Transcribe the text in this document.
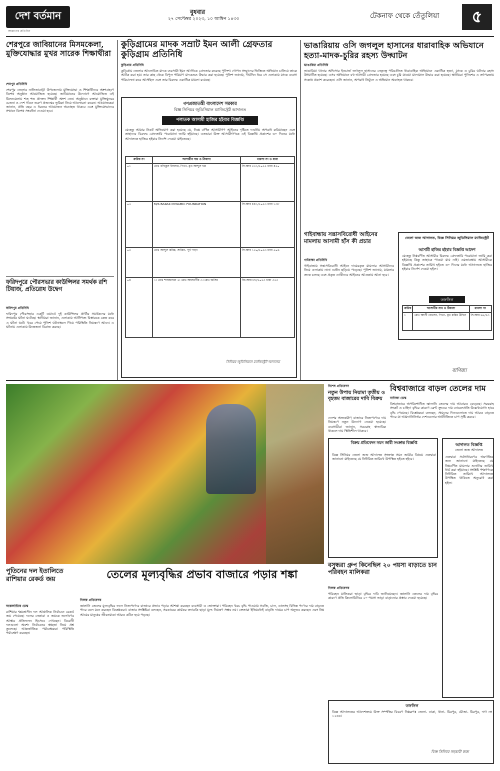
দেশ বর্তমান
আমাদের প্রতিদিন
বুধবার
২৭ সেপ্টেম্বর ২০২৩, ১০ আশ্বিন ১৪৩০	টেকনাফ থেকে তেঁতুলিয়া	৫
শেরপুরে জাবিয়ানের মিসমকেলা, মুক্তিযোদ্ধার মুখর সারেক শিক্ষাথীরা
শেরপুর প্রতিনিধি
শেরপুর জেলার নালিতাবাড়ী উপজেলায় মুক্তিযোদ্ধা ও শিক্ষার্থীদের অংশগ্রহণে বিশেষ অনুষ্ঠান আয়োজিত হয়েছে। জাবিয়ানের উদ্যোগে আয়োজিত এই মিলনমেলায় শত শত প্রাক্তন শিক্ষার্থী অংশ নেন। অনুষ্ঠানে বক্তারা মুক্তিযুদ্ধের চেতনা ও দেশ গঠনে তরুণ প্রজন্মের ভূমিকা নিয়ে আলোচনা করেন। আয়োজকরা জানান, প্রতি বছর এ ধরনের আয়োজন অব্যাহত থাকবে এবং মুক্তিযোদ্ধাদের সম্মানে বিশেষ সংবর্ধনা দেওয়া হবে।
ফরিদপুরে পৌরসভার কাউন্সিলর সমর্থক রশি টিয়াজ, প্রতিরোধ উদ্বেগ
ফরিদপুর প্রতিনিধি
ফরিদপুর পৌরসভার একটি ওয়ার্ডে দুই কাউন্সিলর প্রার্থীর সমর্থকদের মধ্যে সংঘর্ষের ঘটনা ঘটেছে। স্থানীয়রা জানান, এলাকায় আধিপত্য বিস্তারকে কেন্দ্র করে এ ঘটনা ঘটে। খবর পেয়ে পুলিশ ঘটনাস্থলে গিয়ে পরিস্থিতি নিয়ন্ত্রণে আনে। এ ঘটনায় এলাকায় উত্তেজনা বিরাজ করছে।
কুড়িগ্রামের মাদক সম্রাট ইমন আলী গ্রেফতার কুড়িগ্রাম প্রতিনিধি
কুড়িগ্রাম প্রতিনিধি
কুড়িগ্রাম জেলার আলোচিত মাদক ব্যবসায়ী ইমন আলীকে গ্রেফতার করেছে পুলিশ। গোপন সংবাদের ভিত্তিতে অভিযান চালিয়ে তাকে আটক করা হয়। তার কাছ থেকে বিপুল পরিমাণ মাদকদ্রব্য উদ্ধার করা হয়েছে। পুলিশ জানায়, দীর্ঘদিন ধরে সে এলাকায় মাদক ব্যবসা পরিচালনা করে আসছিল এবং তার বিরুদ্ধে একাধিক মামলা রয়েছে।
গণপ্রজাতন্ত্রী বাংলাদেশ সরকার
বিজ্ঞ সিনিয়র জুডিসিয়াল ম্যাজিস্ট্রেট আদালত
পলাতক আসামী হাজির হইবার বিজ্ঞপ্তি
যেহেতু আমার নিকট অভিযোগ করা হয়েছে যে, নিম্নে বর্ণিত আসামীগণ আইনের দৃষ্টিতে দণ্ডনীয় অপরাধ করিয়াছেন এবং তাহাদের বিরুদ্ধে গ্রেফতারি পরোয়ানা জারি হইয়াছে। এতদ্বারা উক্ত আসামীগণকে এই বিজ্ঞপ্তি প্রকাশের ৩০ দিনের মধ্যে আদালতে হাজির হইবার নির্দেশ দেওয়া যাইতেছে।
ক্রমিক নং	আসামীর নাম ও ঠিকানা	মামলা নং ও ধারা
০১	মোঃ রফিকুল ইসলাম, পিতা- মৃত আব্দুল হক	সি.আর ২৩১/২০২২ ধারা ৪২০
০২	M/S BARAK DYNAMIC FOUNDATION	সি.আর ৪৪১/২০২৩ ধারা ১৩৮
০৩	মোঃ আব্দুল করিম, সাকিন- পূর্ব পাড়া	সি.আর ১২০/২০২৩ ধারা ৫০৬
০৪	১। মোঃ শাহজাহান ২। মোঃ আলমগীর ৩। মোঃ জসিম	জি.আর ৮৮/২০২৩ ধারা ৩২৩
সিনিয়র জুডিসিয়াল ম্যাজিস্ট্রেট আদালত
ভাঙারিয়ায় ওসি জগলুল হাসানের ধারাবাহিক অভিযানে হত্যা-মাদক-চুরির রহস্য উদ্ঘাটন
ভাঙারিয়া প্রতিনিধি
ভাঙারিয়া থানার অফিসার ইনচার্জ জগলুল হাসানের নেতৃত্বে পরিচালিত ধারাবাহিক অভিযানে একাধিক হত্যা, মাদক ও চুরির ঘটনার রহস্য উদ্ঘাটিত হয়েছে। এসব অভিযানে বহু আসামী গ্রেফতার হয়েছে এবং চুরি যাওয়া মালামাল উদ্ধার করা হয়েছে। স্থানীয়রা পুলিশের এ তৎপরতায় সন্তোষ প্রকাশ করেছেন। ওসি জানান, অপরাধ নির্মূলে এ অভিযান অব্যাহত থাকবে।
গাইবান্ধায় সন্ত্রাসবিরোধী আইনের মামলায় আসামী হাঁস কী প্রচার
গাইবান্ধা প্রতিনিধি
গাইবান্ধায় সন্ত্রাসবিরোধী আইনে দায়েরকৃত মামলার আসামীদের নিয়ে এলাকায় নানা গুঞ্জন ছড়িয়ে পড়েছে। পুলিশ জানায়, মামলার তদন্ত চলছে এবং প্রকৃত দোষীদের আইনের আওতায় আনা হবে।
জেলা জজ আদালত, বিজ্ঞ সিনিয়র জুডিসিয়াল ম্যাজিস্ট্রেট
আসামী হাজির হইবার বিজ্ঞপ্তি আদেশ
যেহেতু নিম্নবর্ণিত আসামীর বিরুদ্ধে গ্রেফতারি পরোয়ানা জারি করা হইয়াছে কিন্তু তাহাকে পাওয়া যায় নাই। এমতাবস্থায় আসামীকে বিজ্ঞপ্তি প্রকাশের তারিখ হইতে ৩০ দিনের মধ্যে আদালতে হাজির হইবার নির্দেশ দেওয়া হইল।
তফসিল
ক্রমিক	আসামীর নাম ও ঠিকানা	মামলা নং
১	মোঃ আলী হোসেন, পিতা- মৃত করিম উদ্দিন	সি.আর ৬৫/২৩
বাণিজ্য
বিশেষ প্রতিবেদন
নতুন উপায় নিয়ামা তৃতীয় ও বৃহত্তম বাজারের দাবি বিক্রয়
দেশের অভ্যন্তরীণ বাজারে নিত্যপণ্যের দাম নিয়ন্ত্রণে নতুন উদ্যোগ নেওয়া হয়েছে। ব্যবসায়ীরা জানান, সরবরাহ স্বাভাবিক থাকলে দাম স্থিতিশীল থাকবে।
বিশ্ববাজারে বাড়ল তেলের দাম
বাণিজ্য ডেস্ক
বিশ্ববাজারে অপরিশোধিত জ্বালানি তেলের দাম আবারও বেড়েছে। সরবরাহ সংকট ও চাহিদা বৃদ্ধির কারণে ব্রেন্ট ক্রুডের দাম ব্যারেলপ্রতি উল্লেখযোগ্য হারে বৃদ্ধি পেয়েছে। বিশ্লেষকরা বলছেন, সামনের দিনগুলোতে দাম আরও বাড়তে পারে যা আমদানিনির্ভর দেশগুলোর অর্থনীতিতে চাপ সৃষ্টি করবে।
বিক্রয় প্রতিবেদন সমন জারী সংক্রান্ত বিজ্ঞপ্তি
বিজ্ঞ সিনিয়র জেলা জজ আদালত সংক্রান্ত সমন জারীর বিষয়ে এতদ্বারা জানানো যাইতেছে যে নির্ধারিত তারিখে উপস্থিত হইতে হইবে।
আদালত বিজ্ঞপ্তি
জেলা জজ আদালত
এতদ্বারা সর্বসাধারণের অবগতির জন্য জানানো যাইতেছে যে নিম্নবর্ণিত মামলার শুনানির তারিখ ধার্য করা হইয়াছে। সংশ্লিষ্ট পক্ষগণকে নির্ধারিত তারিখে আদালতে উপস্থিত থাকিতে অনুরোধ করা হইল।
বসুন্ধরা গ্রুপ কিনেছিল ২০ পয়সা বাড়াতে চান পরিবহন মালিকরা
নিজস্ব প্রতিবেদক
পরিবহন মালিকরা ভাড়া বৃদ্ধির দাবি জানিয়েছেন। জ্বালানি তেলের দাম বৃদ্ধির কারণে প্রতি কিলোমিটারে ২০ পয়সা ভাড়া বাড়ানোর প্রস্তাব দেওয়া হয়েছে।
পুতিনের দল ইতালিতে রাশিয়ার রেকর্ড জয়
আন্তর্জাতিক ডেস্ক
রাশিয়ার ক্ষমতাসীন দল আঞ্চলিক নির্বাচনে রেকর্ড জয় পেয়েছে। দলের নেতারা এ জয়কে জনগণের আস্থার প্রতিফলন হিসেবে দেখছেন। বিরোধী দলগুলো অবশ্য নির্বাচনের স্বচ্ছতা নিয়ে প্রশ্ন তুলেছে। আন্তর্জাতিক পর্যবেক্ষকরা পরিস্থিতি পর্যবেক্ষণ করছেন।
তেলের মূল্যবৃদ্ধির প্রভাব বাজারে পড়ার শঙ্কা
নিজস্ব প্রতিবেদক
জ্বালানি তেলের মূল্যবৃদ্ধির ফলে নিত্যপণ্যের বাজারে প্রভাব পড়ার আশঙ্কা করছেন ব্যবসায়ী ও ভোক্তারা। পরিবহন খরচ বৃদ্ধি পাওয়ায় সবজি, চাল, ডালসহ বিভিন্ন পণ্যের দাম বাড়তে পারে বলে মনে করছেন বিশ্লেষকরা। বাজার সংশ্লিষ্টরা বলছেন, সরকারের কার্যকর তদারকি ছাড়া মূল্য নিয়ন্ত্রণ সম্ভব নয়। ক্রেতারা ইতিমধ্যেই বাড়তি দামের চাপ অনুভব করছেন এবং নিম্ন আয়ের মানুষের জীবনযাত্রা আরও কঠিন হয়ে পড়ছে।
তফসিল
বিজ্ঞ আদালতের আদেশক্রমে উক্ত সম্পত্তির বিবরণ নিম্নরূপঃ জেলা- ঢাকা, থানা- মিরপুর, মৌজা- মিরপুর, দাগ নং ১২৩৪।
বিজ্ঞ সিনিয়র সহকারী জজ
